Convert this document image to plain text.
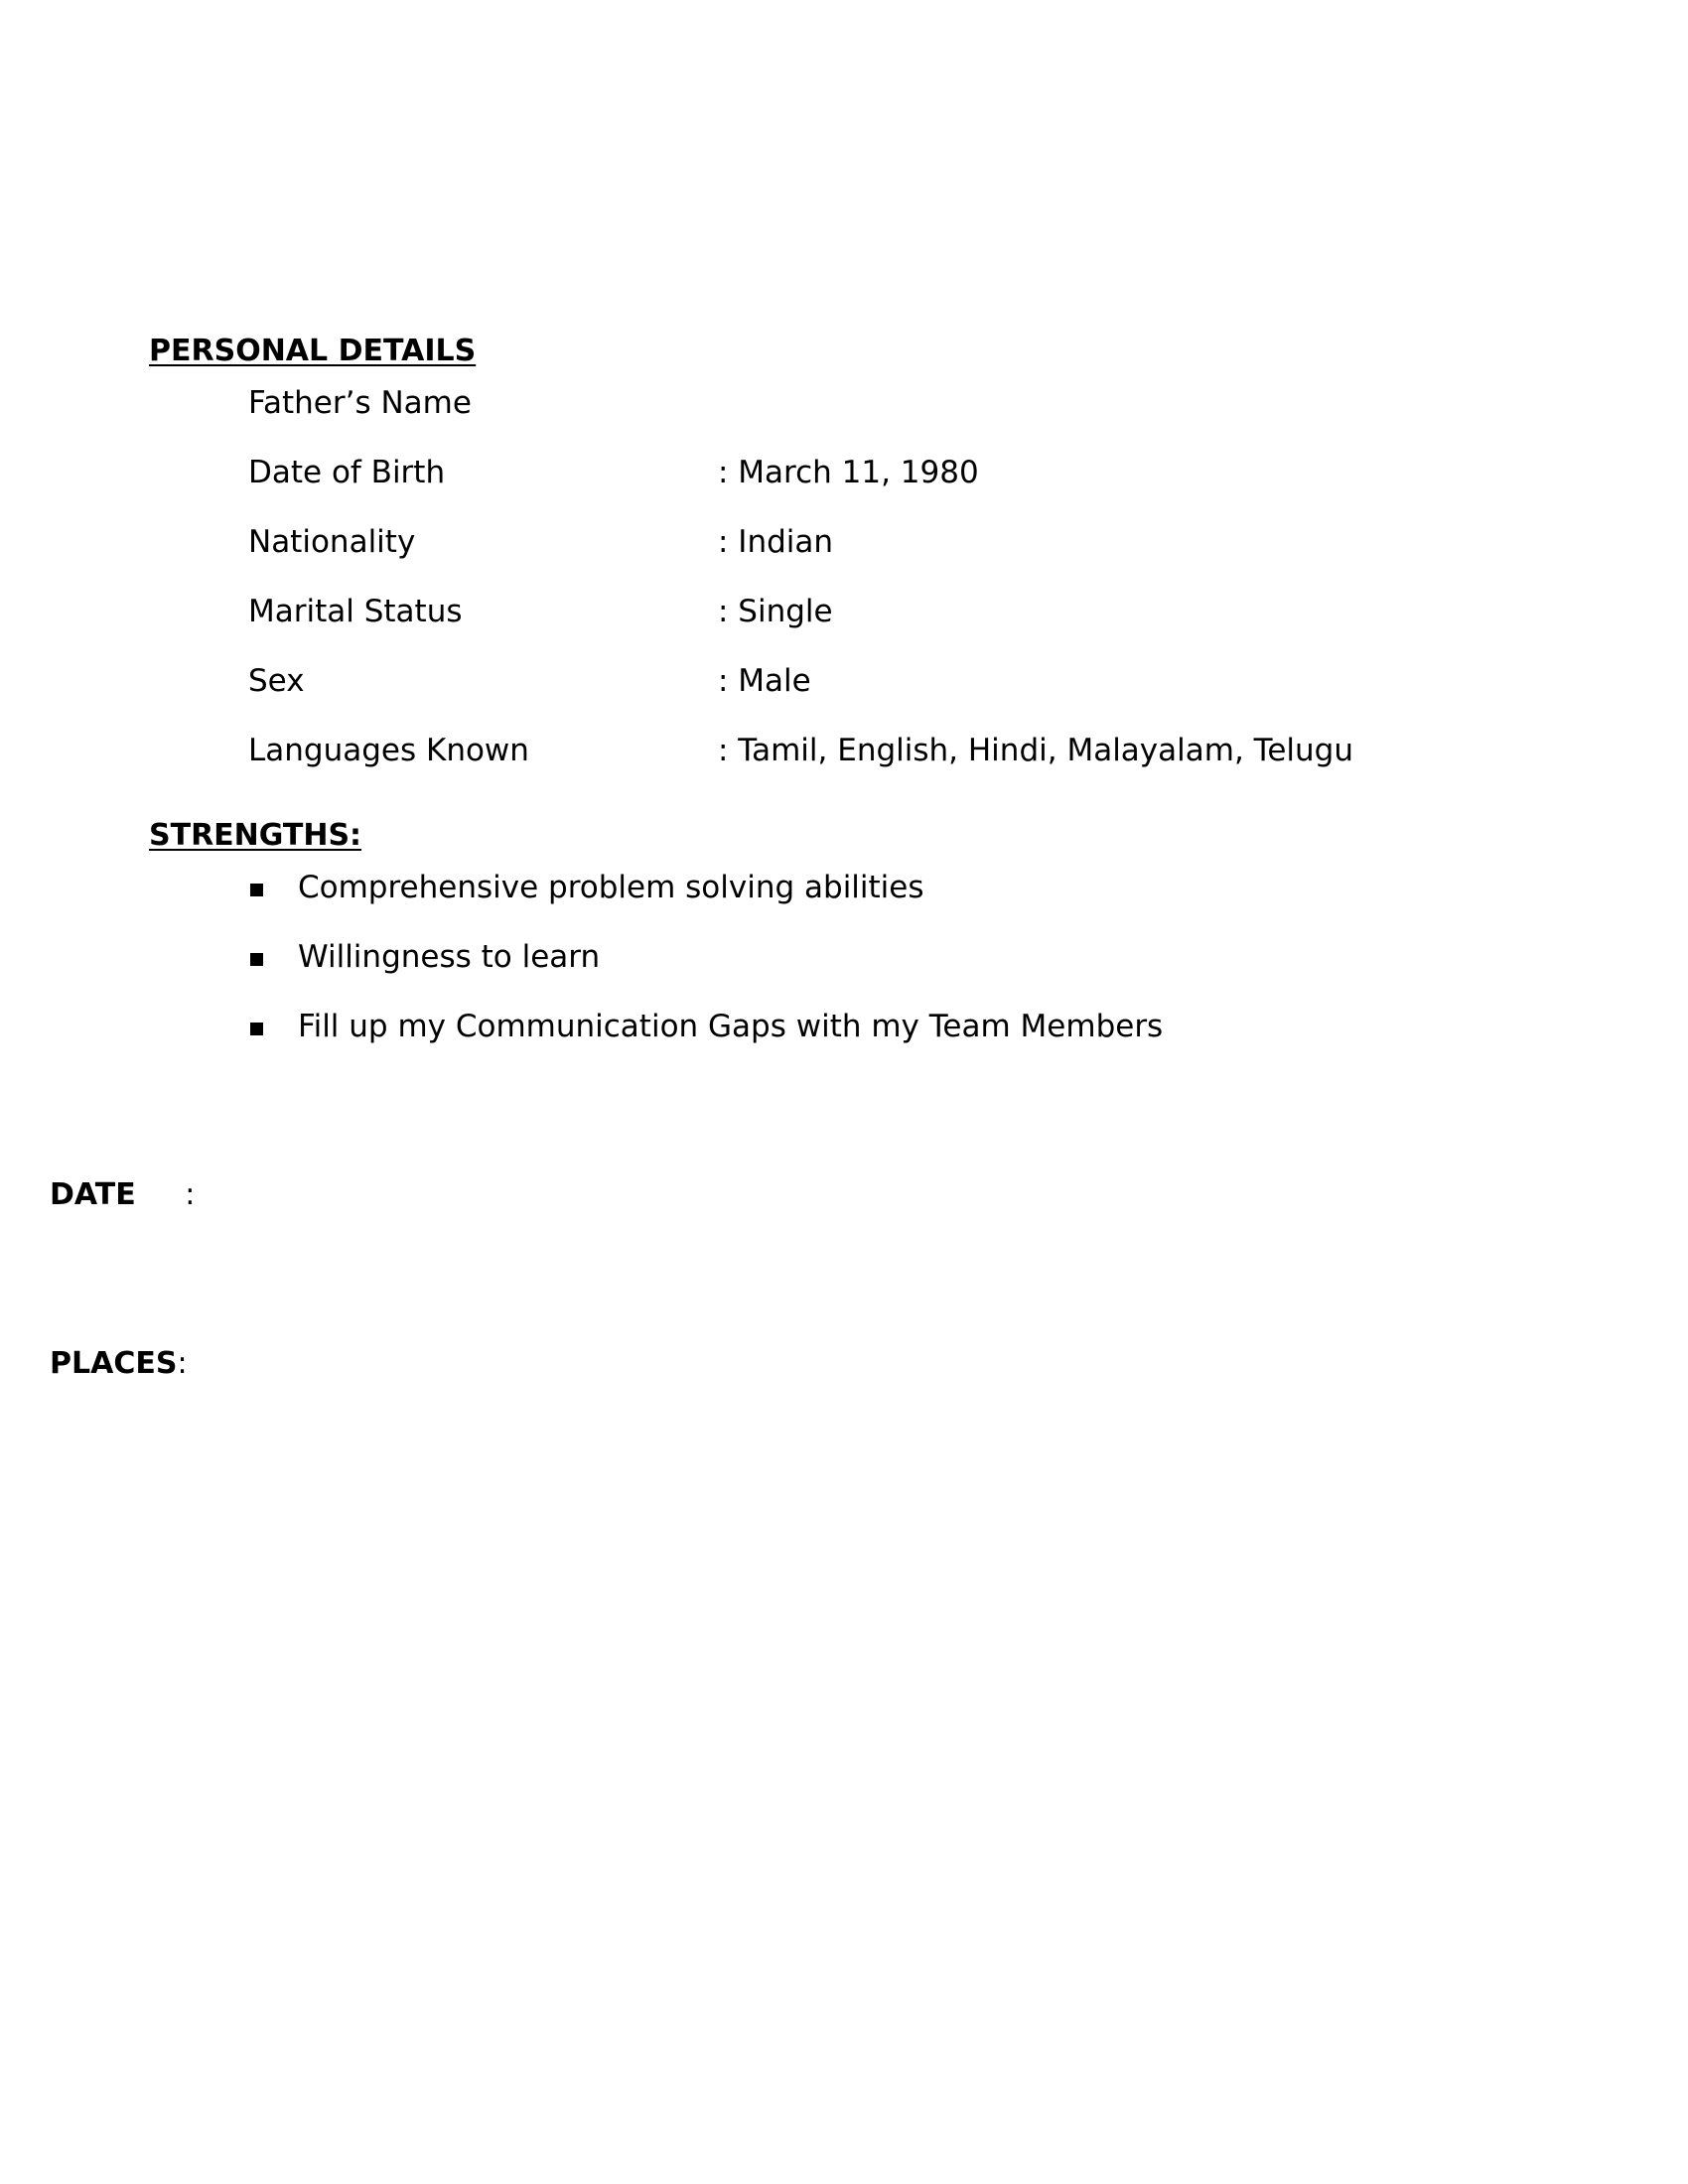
PERSONAL DETAILS
Father’s Name
Date of Birth	: March 11, 1980
Nationality	: Indian
Marital Status	: Single
Sex	: Male
Languages Known	: Tamil, English, Hindi, Malayalam, Telugu
STRENGTHS:
Comprehensive problem solving abilities
Willingness to learn
Fill up my Communication Gaps with my Team Members
DATE :
PLACES:
